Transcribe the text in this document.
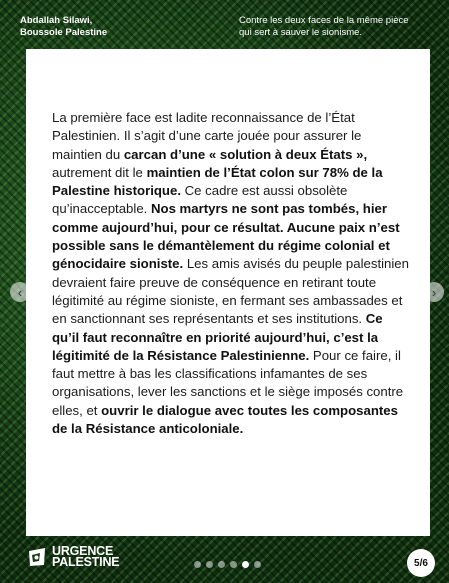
Abdallah Silawi,
Boussole Palestine
Contre les deux faces de la même pièce
qui sert à sauver le sionisme.

La première face est ladite reconnaissance de l’État Palestinien. Il s’agit d’une carte jouée pour assurer le maintien du carcan d’une « solution à deux États », autrement dit le maintien de l’État colon sur 78% de la Palestine historique. Ce cadre est aussi obsolète qu’inacceptable. Nos martyrs ne sont pas tombés, hier comme aujourd’hui, pour ce résultat. Aucune paix n’est possible sans le démantèlement du régime colonial et génocidaire sioniste. Les amis avisés du peuple palestinien devraient faire preuve de conséquence en retirant toute légitimité au régime sioniste, en fermant ses ambassades et en sanctionnant ses représentants et ses institutions. Ce qu’il faut reconnaître en priorité aujourd’hui, c’est la légitimité de la Résistance Palestinienne. Pour ce faire, il faut mettre à bas les classifications infamantes de ses organisations, lever les sanctions et le siège imposés contre elles, et ouvrir le dialogue avec toutes les composantes de la Résistance anticoloniale.

‹	›
URGENCE
PALESTINE	5/6
